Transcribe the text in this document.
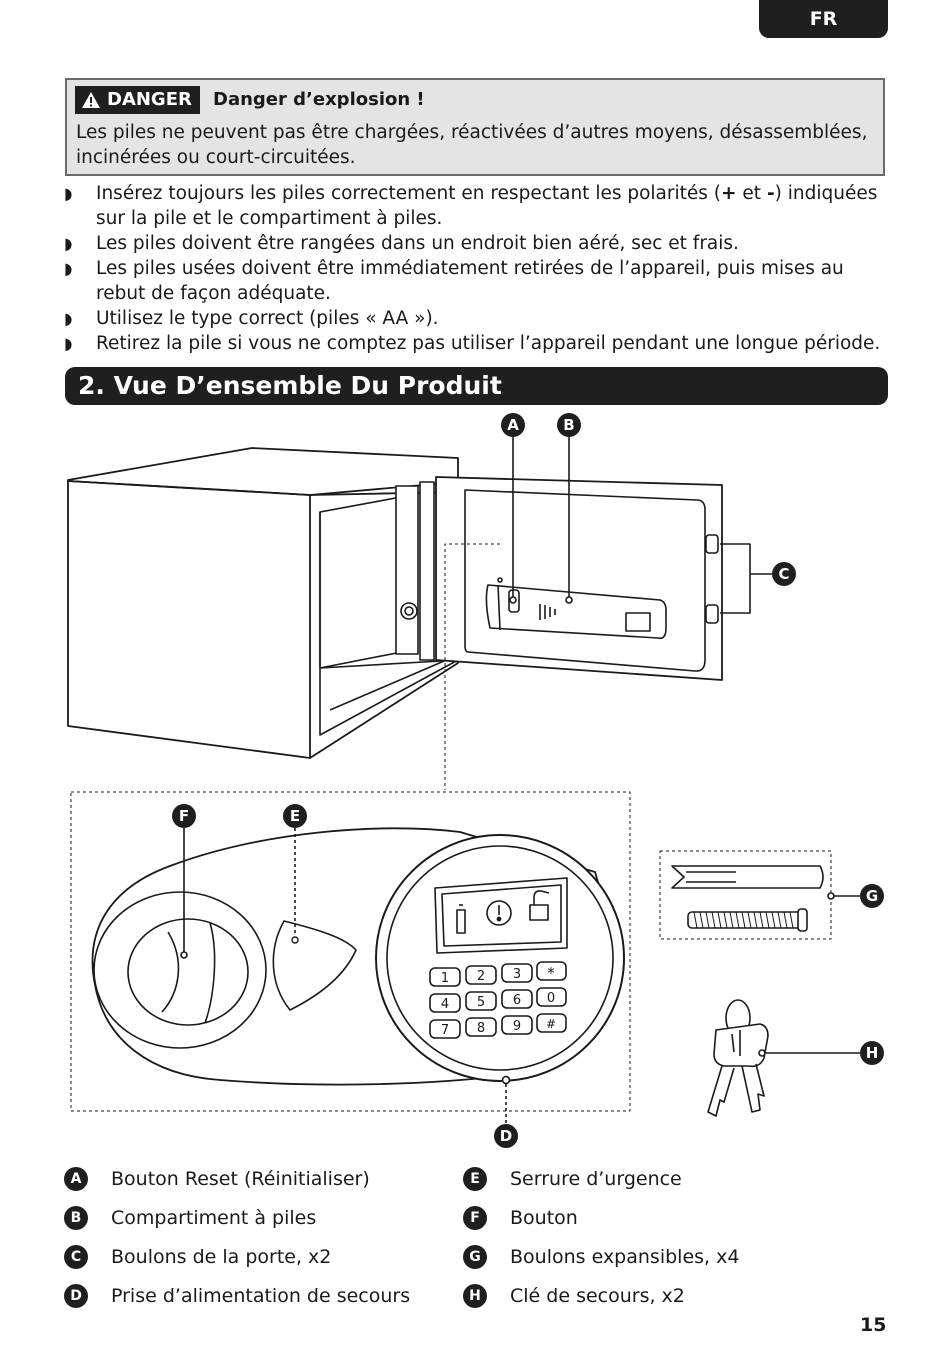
FR
DANGER Danger d’explosion !
Les piles ne peuvent pas être chargées, réactivées d’autres moyens, désassemblées, incinérées ou court-circuitées.
◗ Insérez toujours les piles correctement en respectant les polarités (+ et -) indiquées sur la pile et le compartiment à piles.
◗ Les piles doivent être rangées dans un endroit bien aéré, sec et frais.
◗ Les piles usées doivent être immédiatement retirées de l’appareil, puis mises au rebut de façon adéquate.
◗ Utilisez le type correct (piles « AA »).
◗ Retirez la pile si vous ne comptez pas utiliser l’appareil pendant une longue période.
2. Vue D’ensemble Du Produit
1 2 3 *
4 5 6 0
7 8 9 #
A	B
C
D
E
F
G
H
A	Bouton Reset (Réinitialiser)
B	Compartiment à piles
C	Boulons de la porte, x2
D	Prise d’alimentation de secours
E	Serrure d’urgence
F	Bouton
G	Boulons expansibles, x4
H	Clé de secours, x2
15
